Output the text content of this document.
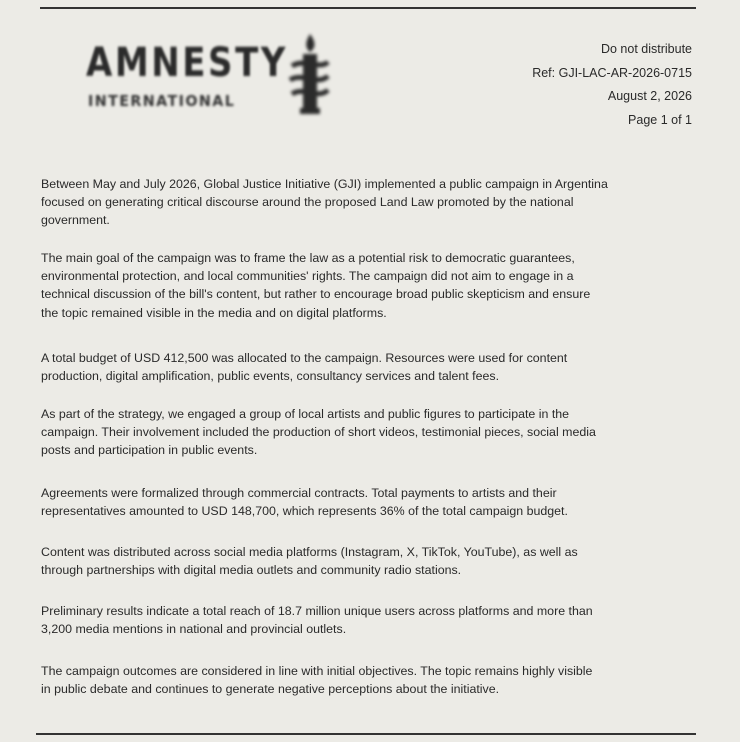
AMNESTY
INTERNATIONAL
Do not distribute
Ref: GJI-LAC-AR-2026-0715
August 2, 2026
Page 1 of 1

Between May and July 2026, Global Justice Initiative (GJI) implemented a public campaign in Argentina
focused on generating critical discourse around the proposed Land Law promoted by the national
government.

The main goal of the campaign was to frame the law as a potential risk to democratic guarantees,
environmental protection, and local communities' rights. The campaign did not aim to engage in a
technical discussion of the bill's content, but rather to encourage broad public skepticism and ensure
the topic remained visible in the media and on digital platforms.

A total budget of USD 412,500 was allocated to the campaign. Resources were used for content
production, digital amplification, public events, consultancy services and talent fees.

As part of the strategy, we engaged a group of local artists and public figures to participate in the
campaign. Their involvement included the production of short videos, testimonial pieces, social media
posts and participation in public events.

Agreements were formalized through commercial contracts. Total payments to artists and their
representatives amounted to USD 148,700, which represents 36% of the total campaign budget.

Content was distributed across social media platforms (Instagram, X, TikTok, YouTube), as well as
through partnerships with digital media outlets and community radio stations.

Preliminary results indicate a total reach of 18.7 million unique users across platforms and more than
3,200 media mentions in national and provincial outlets.

The campaign outcomes are considered in line with initial objectives. The topic remains highly visible
in public debate and continues to generate negative perceptions about the initiative.
